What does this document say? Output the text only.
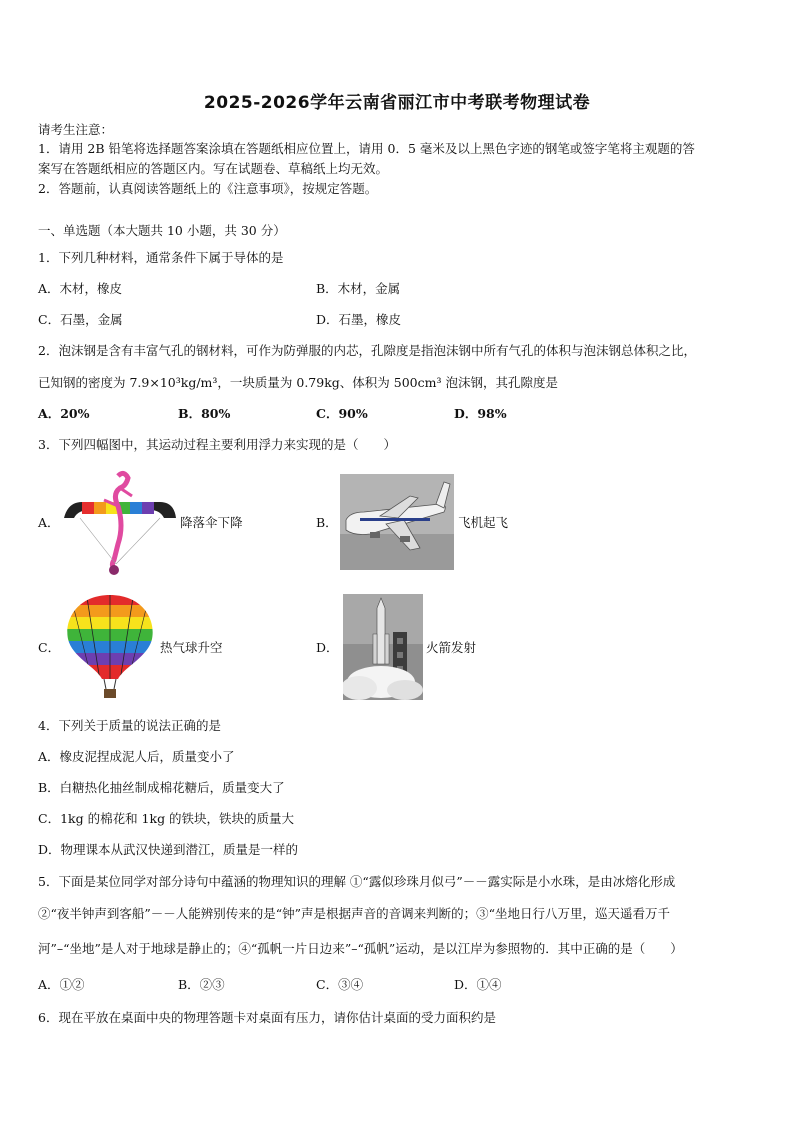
2025-2026学年云南省丽江市中考联考物理试卷
请考生注意：
1．请用 2B 铅笔将选择题答案涂填在答题纸相应位置上，请用 0．5 毫米及以上黑色字迹的钢笔或签字笔将主观题的答
案写在答题纸相应的答题区内。写在试题卷、草稿纸上均无效。
2．答题前，认真阅读答题纸上的《注意事项》，按规定答题。
一、单选题（本大题共 10 小题，共 30 分）
1．下列几种材料，通常条件下属于导体的是
A．木材，橡皮	B．木材，金属
C．石墨，金属	D．石墨，橡皮
2．泡沫钢是含有丰富气孔的钢材料，可作为防弹服的内芯，孔隙度是指泡沫钢中所有气孔的体积与泡沫钢总体积之比，
已知钢的密度为 7.9×10³kg/m³，一块质量为 0.79kg、体积为 500cm³ 泡沫钢，其孔隙度是
A．20%	B．80%	C．90%	D．98%
3．下列四幅图中，其运动过程主要利用浮力来实现的是（　　）
A．	降落伞下降	B．	飞机起飞
C．	热气球升空	D．	火箭发射
4．下列关于质量的说法正确的是
A．橡皮泥捏成泥人后，质量变小了
B．白糖热化抽丝制成棉花糖后，质量变大了
C．1kg 的棉花和 1kg 的铁块，铁块的质量大
D．物理课本从武汉快递到潜江，质量是一样的
5．下面是某位同学对部分诗句中蕴涵的物理知识的理解 ①“露似珍珠月似弓”－－露实际是小水珠，是由冰熔化形成
②“夜半钟声到客船”－－人能辨别传来的是“钟”声是根据声音的音调来判断的；③“坐地日行八万里，巡天遥看万千
河”–“坐地”是人对于地球是静止的；④“孤帆一片日边来”–“孤帆”运动，是以江岸为参照物的．其中正确的是（　　）
A．①②	B．②③	C．③④	D．①④
6．现在平放在桌面中央的物理答题卡对桌面有压力，请你估计桌面的受力面积约是
